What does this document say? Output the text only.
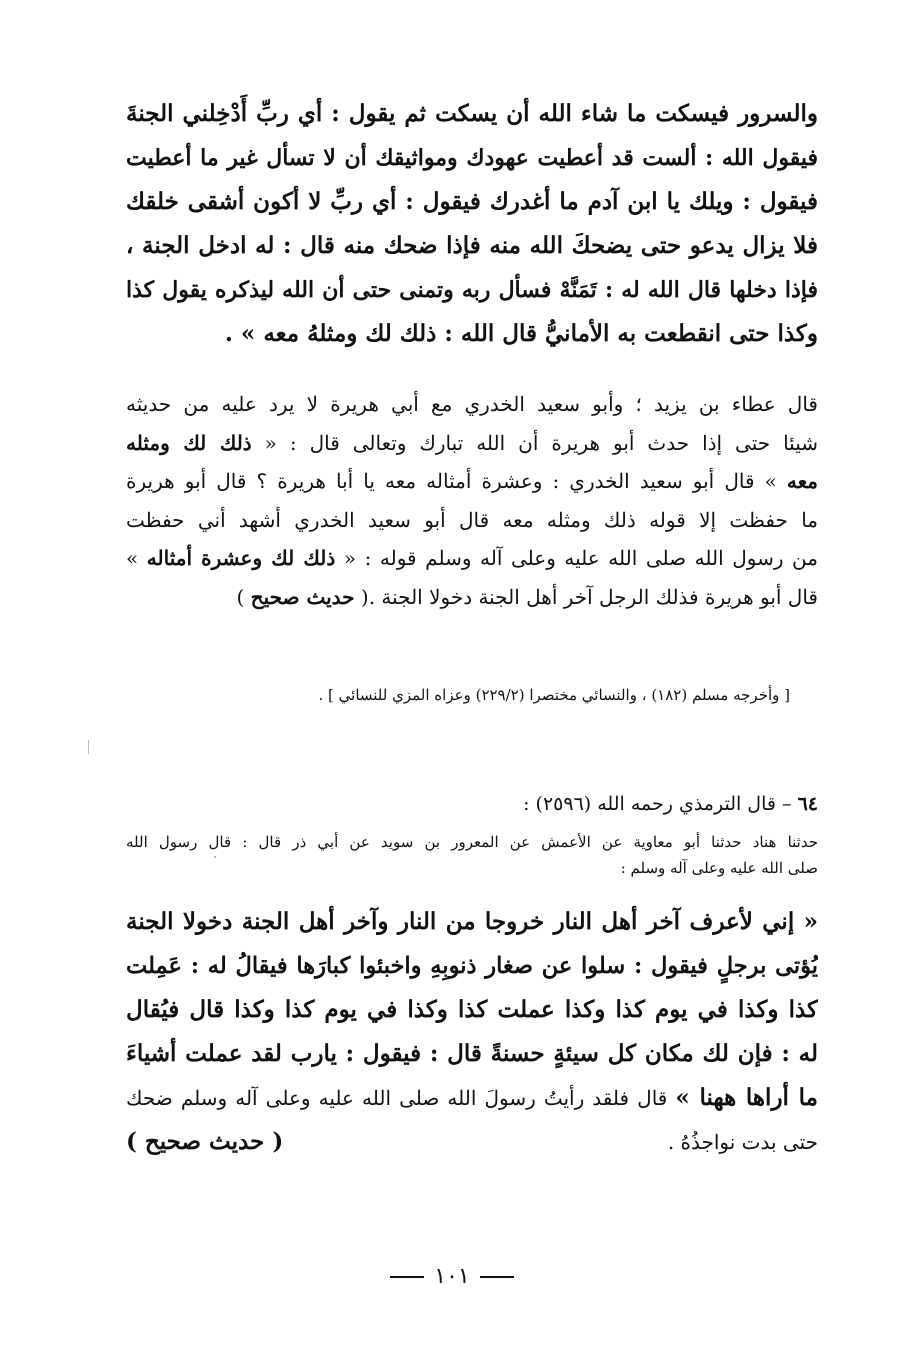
والسرور فيسكت ما شاء الله أن يسكت ثم يقول : أي ربِّ أَدْخِلني الجنةَ
فيقول الله : ألست قد أعطيت عهودك ومواثيقك أن لا تسأل غير ما أعطيت
فيقول : ويلك يا ابن آدم ما أغدرك فيقول : أي ربِّ لا أكون أشقى خلقك
فلا يزال يدعو حتى يضحكَ الله منه فإذا ضحك منه قال : له ادخل الجنة ،
فإذا دخلها قال الله له : تَمَنَّهْ فسأل ربه وتمنى حتى أن الله ليذكره يقول كذا
وكذا حتى انقطعت به الأمانيُّ قال الله : ذلك لك ومثلهُ معه » .
قال عطاء بن يزيد ؛ وأبو سعيد الخدري مع أبي هريرة لا يرد عليه من حديثه
شيئا حتى إذا حدث أبو هريرة أن الله تبارك وتعالى قال : « ذلك لك ومثله
معه » قال أبو سعيد الخدري : وعشرة أمثاله معه يا أبا هريرة ؟ قال أبو هريرة
ما حفظت إلا قوله ذلك ومثله معه قال أبو سعيد الخدري أشهد أني حفظت
من رسول الله صلى الله عليه وعلى آله وسلم قوله : « ذلك لك وعشرة أمثاله »
قال أبو هريرة فذلك الرجل آخر أهل الجنة دخولا الجنة .( حديث صحيح )
[ وأخرجه مسلم (١٨٢) ، والنسائي مختصرا (٢٢٩/٢) وعزاه المزي للنسائي ] .
٦٤ – قال الترمذي رحمه الله (٢٥٩٦) :
حدثنا هناد حدثنا أبو معاوية عن الأعمش عن المعرور بن سويد عن أبي ذر قال : قال رسول الله
صلى الله عليه وعلى آله وسلم :
« إني لأعرف آخر أهل النار خروجا من النار وآخر أهل الجنة دخولا الجنة
يُؤتى برجلٍ فيقول : سلوا عن صغار ذنوبِهِ واخبئوا كبارَها فيقالُ له : عَمِلت
كذا وكذا في يوم كذا وكذا عملت كذا وكذا في يوم كذا وكذا قال فيُقال
له : فإن لك مكان كل سيئةٍ حسنةً قال : فيقول : يارب لقد عملت أشياءَ
ما أراها ههنا » قال فلقد رأيتُ رسولَ الله صلى الله عليه وعلى آله وسلم ضحك
حتى بدت نواجذُهُ .
( حديث صحيح )
١٠١
